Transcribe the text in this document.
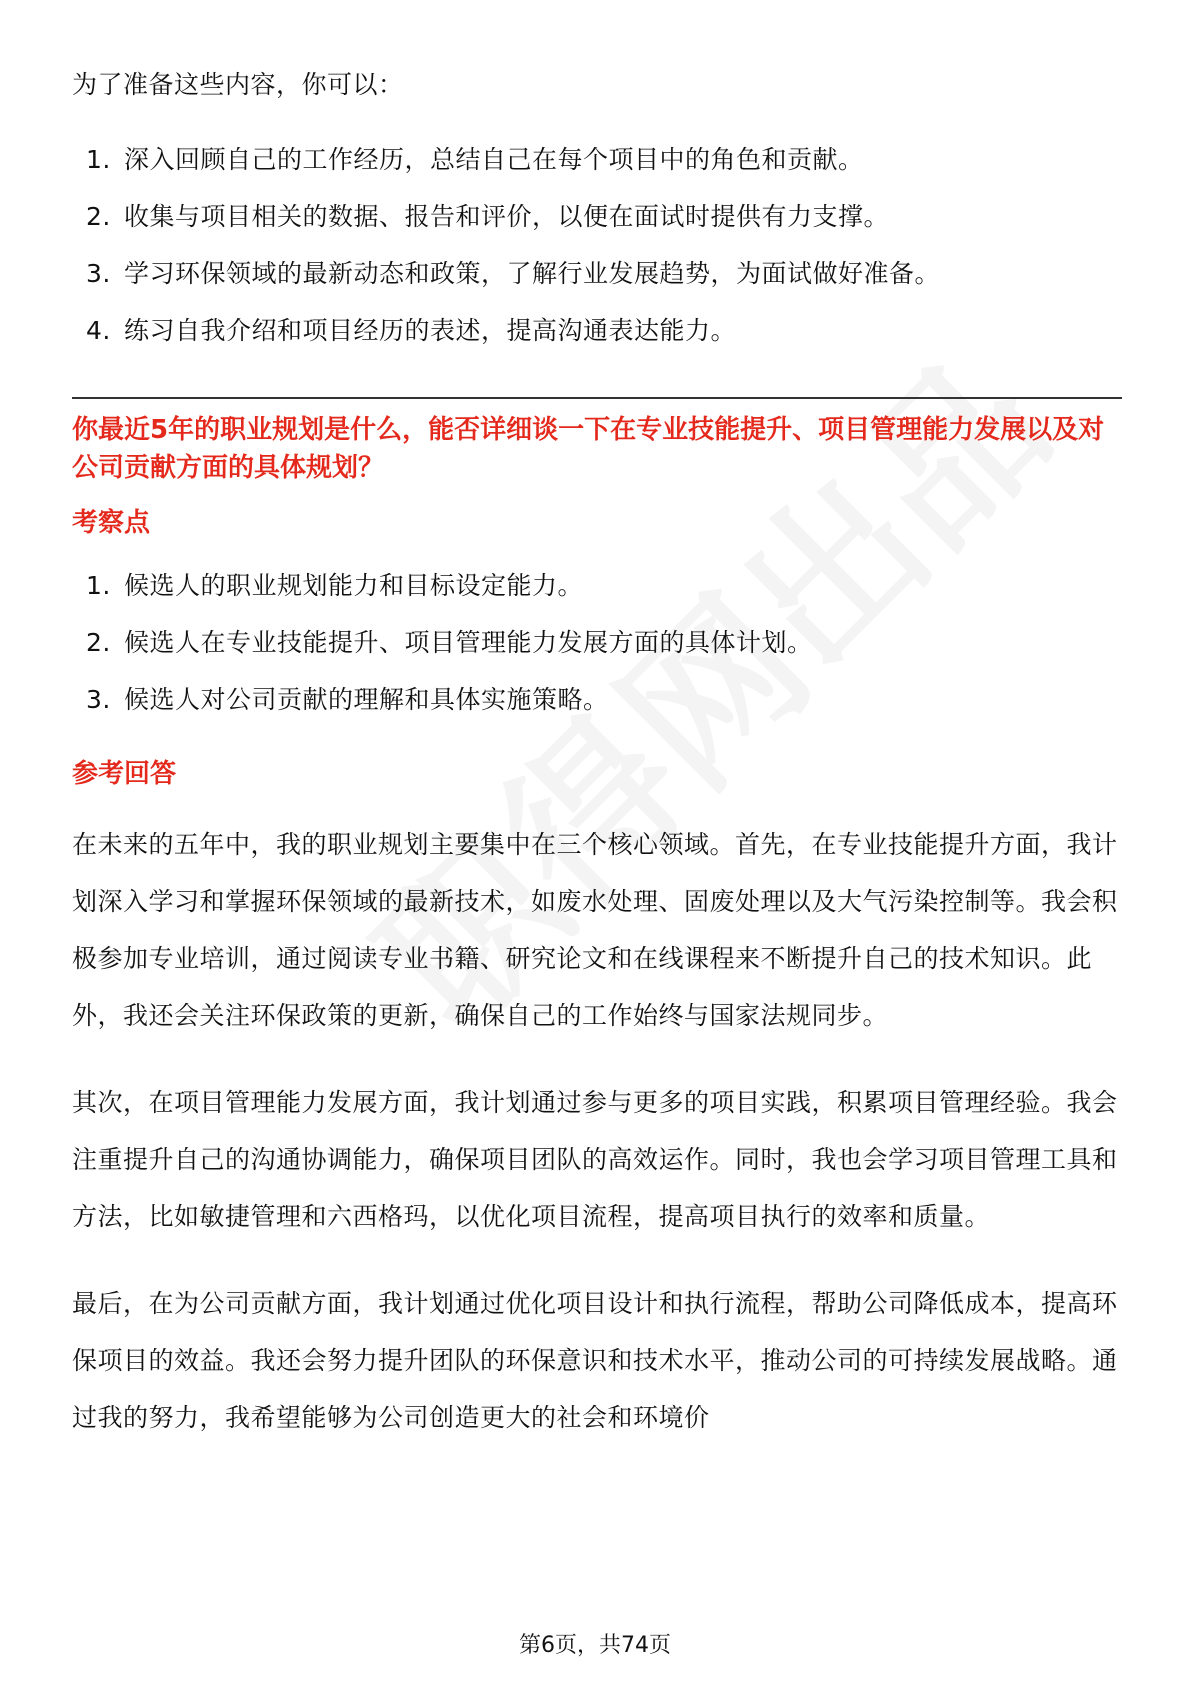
为了准备这些内容，你可以：

1. 深入回顾自己的工作经历，总结自己在每个项目中的角色和贡献。
2. 收集与项目相关的数据、报告和评价，以便在面试时提供有力支撑。
3. 学习环保领域的最新动态和政策，了解行业发展趋势，为面试做好准备。
4. 练习自我介绍和项目经历的表述，提高沟通表达能力。

你最近5年的职业规划是什么，能否详细谈一下在专业技能提升、项目管理能力发展以及对公司贡献方面的具体规划？

考察点
1. 候选人的职业规划能力和目标设定能力。
2. 候选人在专业技能提升、项目管理能力发展方面的具体计划。
3. 候选人对公司贡献的理解和具体实施策略。
参考回答

在未来的五年中，我的职业规划主要集中在三个核心领域。首先，在专业技能提升方面，我计划深入学习和掌握环保领域的最新技术，如废水处理、固废处理以及大气污染控制等。我会积极参加专业培训，通过阅读专业书籍、研究论文和在线课程来不断提升自己的技术知识。此外，我还会关注环保政策的更新，确保自己的工作始终与国家法规同步。

其次，在项目管理能力发展方面，我计划通过参与更多的项目实践，积累项目管理经验。我会注重提升自己的沟通协调能力，确保项目团队的高效运作。同时，我也会学习项目管理工具和方法，比如敏捷管理和六西格玛，以优化项目流程，提高项目执行的效率和质量。

最后，在为公司贡献方面，我计划通过优化项目设计和执行流程，帮助公司降低成本，提高环保项目的效益。我还会努力提升团队的环保意识和技术水平，推动公司的可持续发展战略。通过我的努力，我希望能够为公司创造更大的社会和环境价

第6页，共74页
